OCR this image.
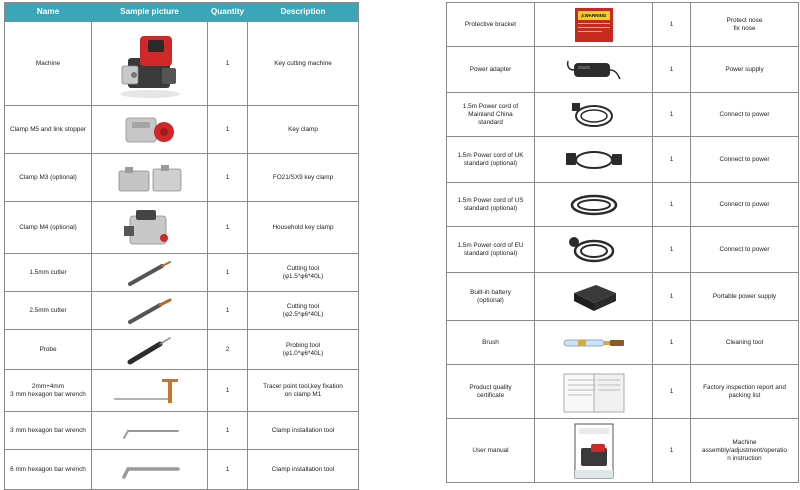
Name	Sample picture	Quantity	Description
Machine		1	Key cutting machine
Clamp M5 and link stopper		1	Key clamp
Clamp M3 (optional)		1	FO21/SX9 key clamp
Clamp M4 (optional)		1	Household key clamp
1.5mm cutter		1	Cutting tool
(φ1.5*φ6*40L)
2.5mm cutter		1	Cutting tool
(φ2.5*φ6*40L)
Probe		2	Probing tool
(φ1.0*φ6*40L)
2mm+4mm
3 mm hexagon bar wrench		1	Tracer point tool,key fixation
on clamp M1
3 mm hexagon bar wrench		1	Clamp installation tool
6 mm hexagon bar wrench		1	Clamp installation tool
Protective bracket	⚠WARNING	1	Protect nose
fix nose
Power adapter		1	Power supply
1.5m Power cord of
Mainland China
standard		1	Connect to power
1.5m Power cord of UK
standard (optional)		1	Connect to power
1.5m Power cord of US
standard (optional)		1	Connect to power
1.5m Power cord of EU
standard (optional)		1	Connect to power
Built-in battery
(optional)		1	Portable power supply
Brush		1	Cleaning tool
Product quality
certificate		1	Factory inspection report and
packing list
User manual		1	Machine
assembly/adjustment/operatio
n instruction
